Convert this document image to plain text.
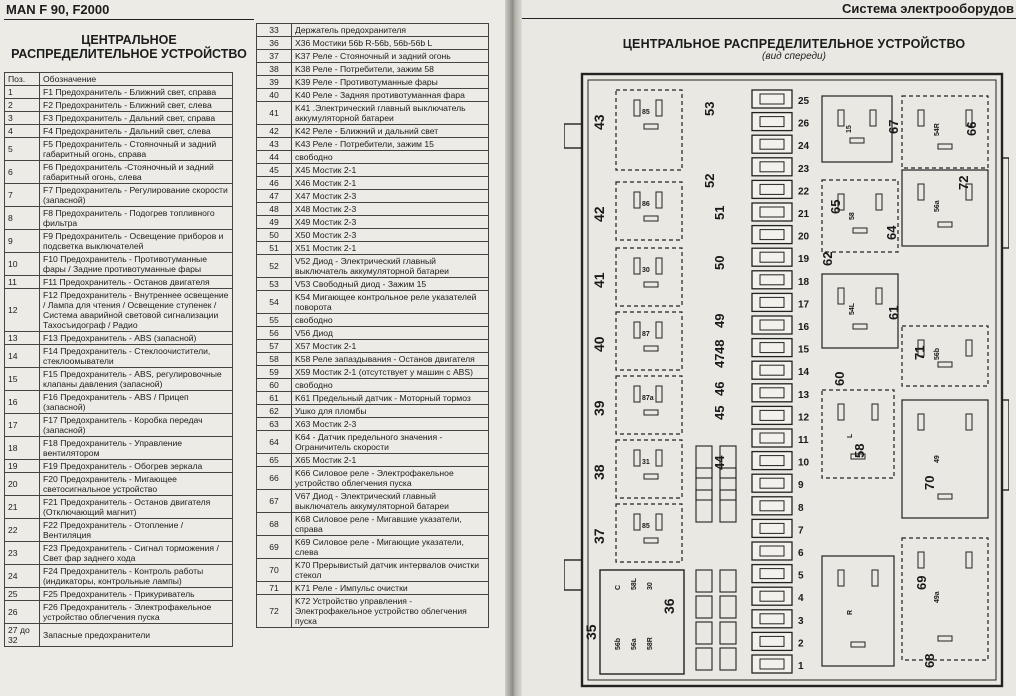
MAN F 90, F2000
ЦЕНТРАЛЬНОЕ
РАСПРЕДЕЛИТЕЛЬНОЕ УСТРОЙСТВО
Поз.	Обозначение
1	F1 Предохранитель - Ближний свет, справа
2	F2 Предохранитель - Ближний свет, слева
3	F3 Предохранитель - Дальний свет, справа
4	F4 Предохранитель - Дальний свет, слева
5	F5 Предохранитель - Стояночный и задний габаритный огонь, справа
6	F6 Предохранитель -Стояночный и задний габаритный огонь, слева
7	F7 Предохранитель - Регулирование скорости (запасной)
8	F8 Предохранитель - Подогрев топливного фильтра
9	F9 Предохранитель - Освещение приборов и подсветка выключателей
10	F10 Предохранитель - Противотуманные фары / Задние противотуманные фары
11	F11 Предохранитель - Останов двигателя
12	F12 Предохранитель - Внутреннее освещение / Лампа для чтения / Освещение ступенек / Система аварийной световой сигнализации Тахосъидограф / Радио
13	F13 Предохранитель - ABS (запасной)
14	F14 Предохранитель - Стеклоочистители, стеклоомыватели
15	F15 Предохранитель - ABS, регулировочные клапаны давления (запасной)
16	F16 Предохранитель - ABS / Прицеп (запасной)
17	F17 Предохранитель - Коробка передач (запасной)
18	F18 Предохранитель - Управление вентилятором
19	F19 Предохранитель - Обогрев зеркала
20	F20 Предохранитель - Мигающее светосигнальное устройство
21	F21 Предохранитель - Останов двигателя (Отключающий магнит)
22	F22 Предохранитель - Отопление / Вентиляция
23	F23 Предохранитель - Сигнал торможения / Свет фар заднего хода
24	F24 Предохранитель - Контроль работы (индикаторы, контрольные лампы)
25	F25 Предохранитель - Прикуриватель
26	F26 Предохранитель - Электрофакельное устройство облегчения пуска
27 до 32	Запасные предохранители
33	Держатель предохранителя
36	X36 Мостики 56b R-56b, 56b-56b L
37	K37 Реле - Стояночный и задний огонь
38	K38 Реле - Потребители, зажим 58
39	K39 Реле - Противотуманные фары
40	K40 Реле - Задняя противотуманная фара
41	K41 .Электрический главный выключатель аккумуляторной батареи
42	K42 Реле - Ближний и дальний свет
43	K43 Реле - Потребители, зажим 15
44	свободно
45	X45 Мостик 2-1
46	X46 Мостик 2-1
47	X47 Мостик 2-3
48	X48 Мостик 2-3
49	X49 Мостик 2-3
50	X50 Мостик 2-3
51	X51 Мостик 2-1
52	V52 Диод - Электрический главный выключатель аккумуляторной батареи
53	V53 Свободный диод - Зажим 15
54	K54 Мигающее контрольное реле указателей поворота
55	свободно
56	V56 Диод
57	X57 Мостик 2-1
58	K58 Реле запаздывания - Останов двигателя
59	X59 Мостик 2-1 (отсутствует у машин с ABS)
60	свободно
61	K61 Предельный датчик - Моторный тормоз
62	Ушко для пломбы
63	X63 Мостик 2-3
64	K64 - Датчик предельного значения - Ограничитель скорости
65	X65 Мостик 2-1
66	K66 Силовое реле - Электрофакельное устройство облегчения пуска
67	V67 Диод - Электрический главный выключатель аккумуляторной батареи
68	K68 Силовое реле - Мигавшие указатели, справа
69	K69 Силовое реле - Мигающие указатели, слева
70	K70 Прерывистый датчик интервалов очистки стекол
71	K71 Реле - Импульс очистки
72	K72 Устройство управления - Электрофакельное устройство облегчения пуска
Система электрооборудов
ЦЕНТРАЛЬНОЕ РАСПРЕДЕЛИТЕЛЬНОЕ УСТРОЙСТВО
(вид спереди)
25
26
24
23
22
21
20
19
18
17
16
15
14
13
12
11
10
9
8
7
6
5
4
3
2
1
85
43
86
42
30
41
87
40
87a
39
31
38
85
37
35
36
C 58L 30
56b 56a 58R
53
52
51
50
49
48
47
46
45
44
15
58
54L
54R
56a
56b
49
49a
R
L
67	66
65
64
72
62
61
60
58
71
70
69
68
